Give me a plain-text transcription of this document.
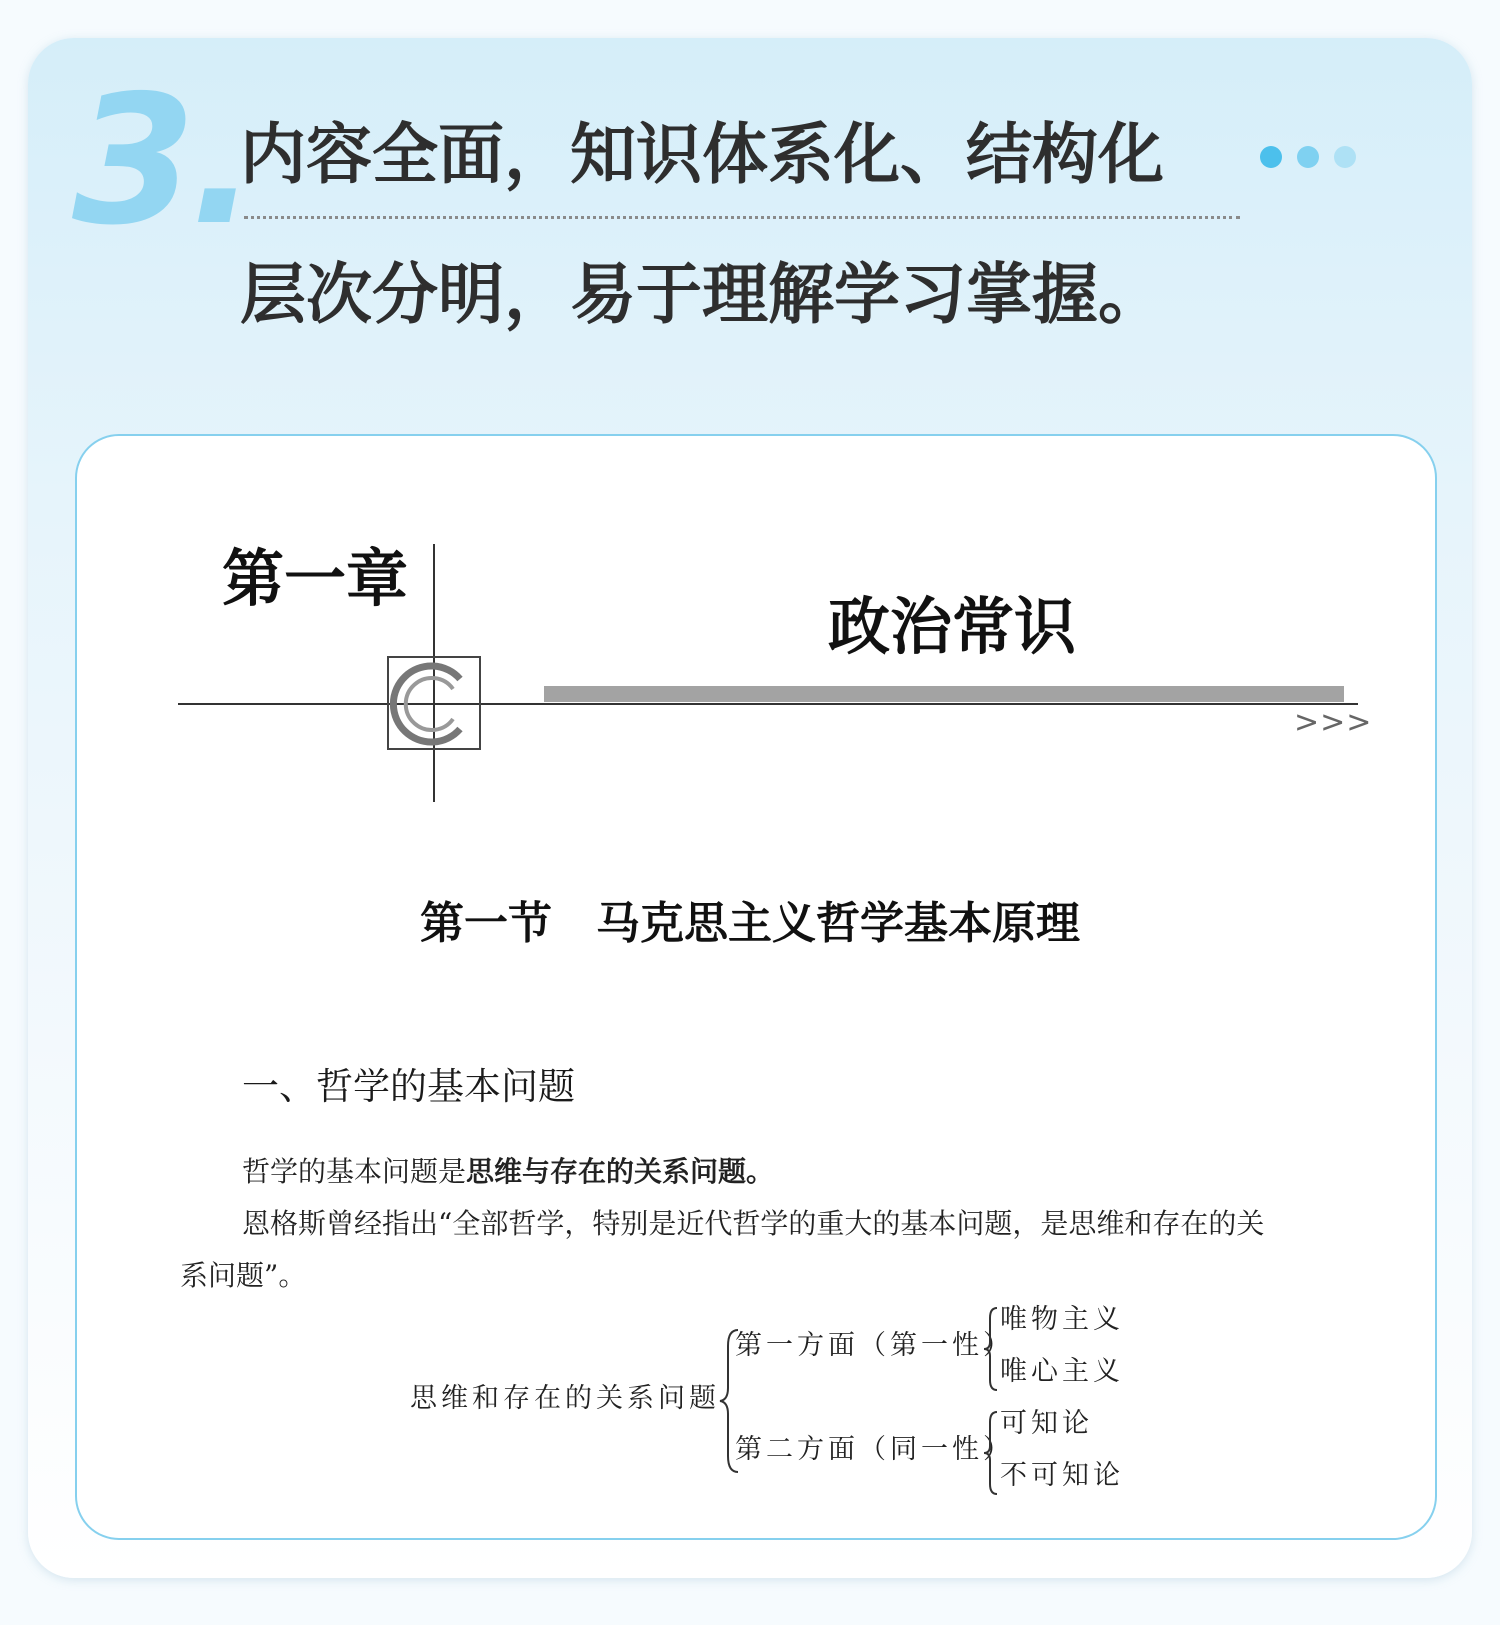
3.
内容全面，知识体系化、结构化
层次分明，易于理解学习掌握。
第一章
政治常识
>>>
第一节　马克思主义哲学基本原理
一、哲学的基本问题
哲学的基本问题是思维与存在的关系问题。
恩格斯曾经指出“全部哲学，特别是近代哲学的重大的基本问题，是思维和存在的关
系问题”。
思维和存在的关系问题
第一方面（第一性）
第二方面（同一性）
唯物主义
唯心主义
可知论
不可知论
